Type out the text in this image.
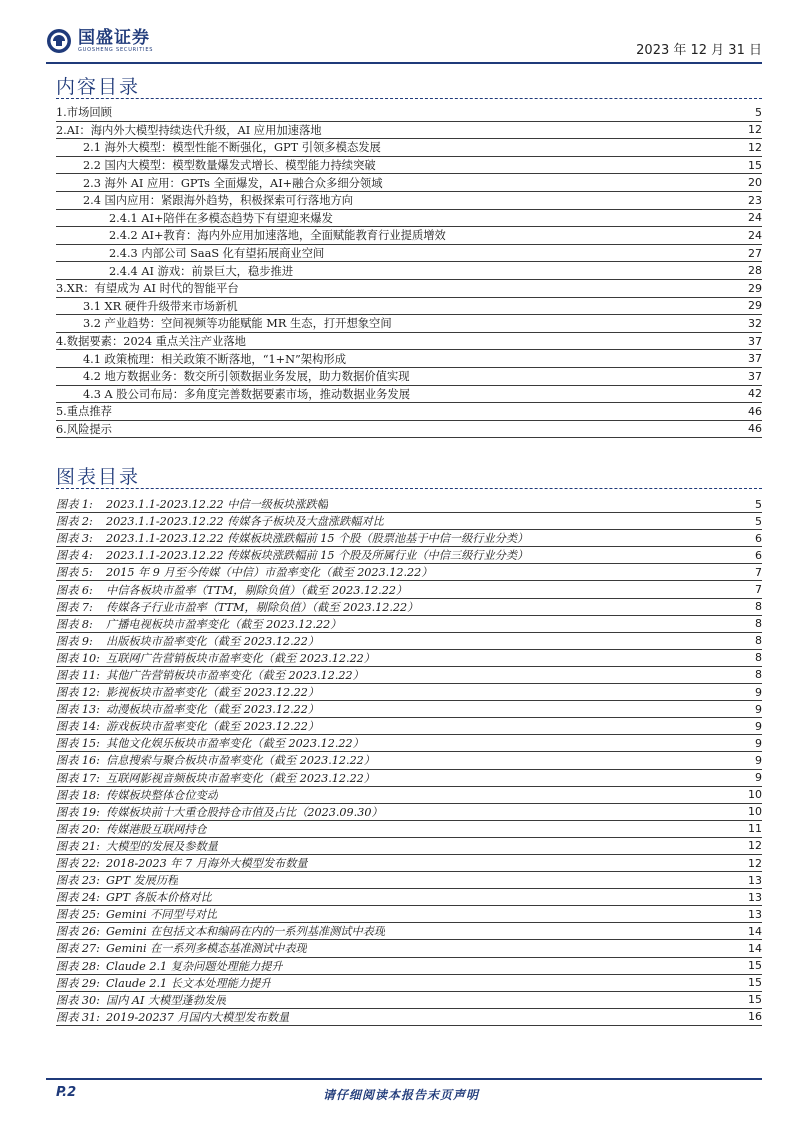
国盛证券
GUOSHENG SECURITIES	2023 年 12 月 31 日
内容目录
1.市场回顾	5
2.AI：海内外大模型持续迭代升级，AI 应用加速落地	12
2.1 海外大模型：模型性能不断强化，GPT 引领多模态发展	12
2.2 国内大模型：模型数量爆发式增长、模型能力持续突破	15
2.3 海外 AI 应用：GPTs 全面爆发，AI+融合众多细分领域	20
2.4 国内应用：紧跟海外趋势，积极探索可行落地方向	23
2.4.1 AI+陪伴在多模态趋势下有望迎来爆发	24
2.4.2 AI+教育：海内外应用加速落地，全面赋能教育行业提质增效	24
2.4.3 内部公司 SaaS 化有望拓展商业空间	27
2.4.4 AI 游戏：前景巨大，稳步推进	28
3.XR：有望成为 AI 时代的智能平台	29
3.1 XR 硬件升级带来市场新机	29
3.2 产业趋势：空间视频等功能赋能 MR 生态，打开想象空间	32
4.数据要素：2024 重点关注产业落地	37
4.1 政策梳理：相关政策不断落地，“1+N”架构形成	37
4.2 地方数据业务：数交所引领数据业务发展，助力数据价值实现	37
4.3 A 股公司布局：多角度完善数据要素市场，推动数据业务发展	42
5.重点推荐	46
6.风险提示	46
图表目录
图表 1:	2023.1.1-2023.12.22 中信一级板块涨跌幅	5
图表 2:	2023.1.1-2023.12.22 传媒各子板块及大盘涨跌幅对比	5
图表 3:	2023.1.1-2023.12.22 传媒板块涨跌幅前 15 个股（股票池基于中信一级行业分类）	6
图表 4:	2023.1.1-2023.12.22 传媒板块涨跌幅前 15 个股及所属行业（中信三级行业分类）	6
图表 5:	2015 年 9 月至今传媒（中信）市盈率变化（截至 2023.12.22）	7
图表 6:	中信各板块市盈率（TTM，剔除负值）（截至 2023.12.22）	7
图表 7:	传媒各子行业市盈率（TTM，剔除负值）（截至 2023.12.22）	8
图表 8:	广播电视板块市盈率变化（截至 2023.12.22）	8
图表 9:	出版板块市盈率变化（截至 2023.12.22）	8
图表 10: 互联网广告营销板块市盈率变化（截至 2023.12.22）	8
图表 11: 其他广告营销板块市盈率变化（截至 2023.12.22）	8
图表 12: 影视板块市盈率变化（截至 2023.12.22）	9
图表 13: 动漫板块市盈率变化（截至 2023.12.22）	9
图表 14: 游戏板块市盈率变化（截至 2023.12.22）	9
图表 15: 其他文化娱乐板块市盈率变化（截至 2023.12.22）	9
图表 16: 信息搜索与聚合板块市盈率变化（截至 2023.12.22）	9
图表 17: 互联网影视音频板块市盈率变化（截至 2023.12.22）	9
图表 18: 传媒板块整体仓位变动	10
图表 19: 传媒板块前十大重仓股持仓市值及占比（2023.09.30）	10
图表 20: 传媒港股互联网持仓	11
图表 21: 大模型的发展及参数量	12
图表 22: 2018-2023 年 7 月海外大模型发布数量	12
图表 23: GPT 发展历程	13
图表 24: GPT 各版本价格对比	13
图表 25: Gemini 不同型号对比	13
图表 26: Gemini 在包括文本和编码在内的一系列基准测试中表现	14
图表 27: Gemini 在一系列多模态基准测试中表现	14
图表 28: Claude 2.1 复杂问题处理能力提升	15
图表 29: Claude 2.1 长文本处理能力提升	15
图表 30: 国内 AI 大模型蓬勃发展	15
图表 31: 2019-20237 月国内大模型发布数量	16
P.2	请仔细阅读本报告末页声明
